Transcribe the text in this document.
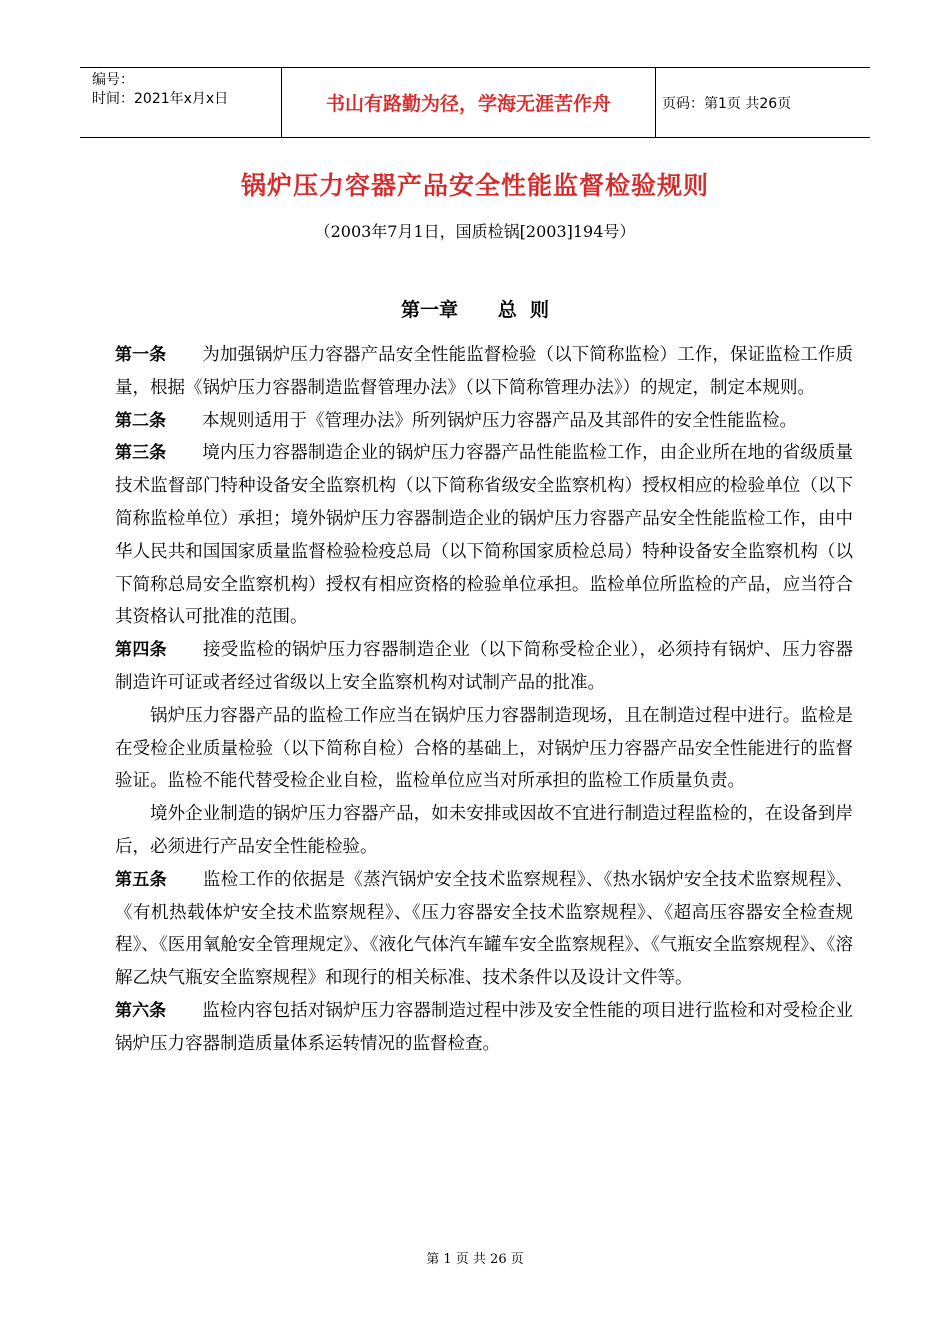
编号：
时间：2021年x月x日	书山有路勤为径，学海无涯苦作舟	页码：第1页 共26页
锅炉压力容器产品安全性能监督检验规则
（2003年7月1日，国质检锅[2003]194号）
第一章      总  则

第一条 为加强锅炉压力容器产品安全性能监督检验（以下简称监检）工作，保证监检工作质量，根据《锅炉压力容器制造监督管理办法》（以下简称管理办法》）的规定，制定本规则。

第二条 本规则适用于《管理办法》所列锅炉压力容器产品及其部件的安全性能监检。

第三条 境内压力容器制造企业的锅炉压力容器产品性能监检工作，由企业所在地的省级质量技术监督部门特种设备安全监察机构（以下简称省级安全监察机构）授权相应的检验单位（以下简称监检单位）承担；境外锅炉压力容器制造企业的锅炉压力容器产品安全性能监检工作，由中华人民共和国国家质量监督检验检疫总局（以下简称国家质检总局）特种设备安全监察机构（以下简称总局安全监察机构）授权有相应资格的检验单位承担。监检单位所监检的产品，应当符合其资格认可批准的范围。

第四条 接受监检的锅炉压力容器制造企业（以下简称受检企业），必须持有锅炉、压力容器制造许可证或者经过省级以上安全监察机构对试制产品的批准。

锅炉压力容器产品的监检工作应当在锅炉压力容器制造现场，且在制造过程中进行。监检是在受检企业质量检验（以下简称自检）合格的基础上，对锅炉压力容器产品安全性能进行的监督验证。监检不能代替受检企业自检，监检单位应当对所承担的监检工作质量负责。

境外企业制造的锅炉压力容器产品，如未安排或因故不宜进行制造过程监检的，在设备到岸后，必须进行产品安全性能检验。

第五条 监检工作的依据是《蒸汽锅炉安全技术监察规程》、《热水锅炉安全技术监察规程》、《有机热载体炉安全技术监察规程》、《压力容器安全技术监察规程》、《超高压容器安全检查规程》、《医用氧舱安全管理规定》、《液化气体汽车罐车安全监察规程》、《气瓶安全监察规程》、《溶解乙炔气瓶安全监察规程》和现行的相关标准、技术条件以及设计文件等。

第六条 监检内容包括对锅炉压力容器制造过程中涉及安全性能的项目进行监检和对受检企业锅炉压力容器制造质量体系运转情况的监督检查。

第 1 页 共 26 页
